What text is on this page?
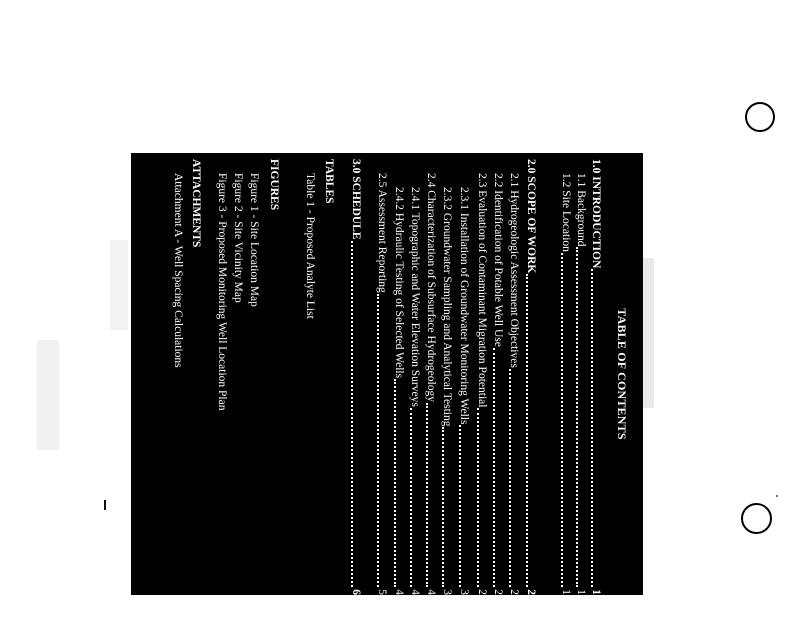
TABLE OF CONTENTS
1.0 INTRODUCTION
1
1.1 Background
1
1.2 Site Location
1
2.0 SCOPE OF WORK
2
2.1 Hydrogeologic Assessment Objectives
2
2.2 Identification of Potable Well Use
2
2.3 Evaluation of Contaminant Migration Potential
2
2.3.1 Installation of Groundwater Monitoring Wells
3
2.3.2 Groundwater Sampling and Analytical Testing
3
2.4 Characterization of Subsurface Hydrogeology
4
2.4.1 Topographic and Water Elevation Surveys
4
2.4.2 Hydraulic Testing of Selected Wells
4
2.5 Assessment Reporting
5
3.0 SCHEDULE
6
TABLES
Table 1 - Proposed Analyte List
FIGURES
Figure 1 - Site Location Map
Figure 2 - Site Vicinity Map
Figure 3 - Proposed Monitoring Well Location Plan
ATTACHMENTS
Attachment A - Well Spacing Calculations
